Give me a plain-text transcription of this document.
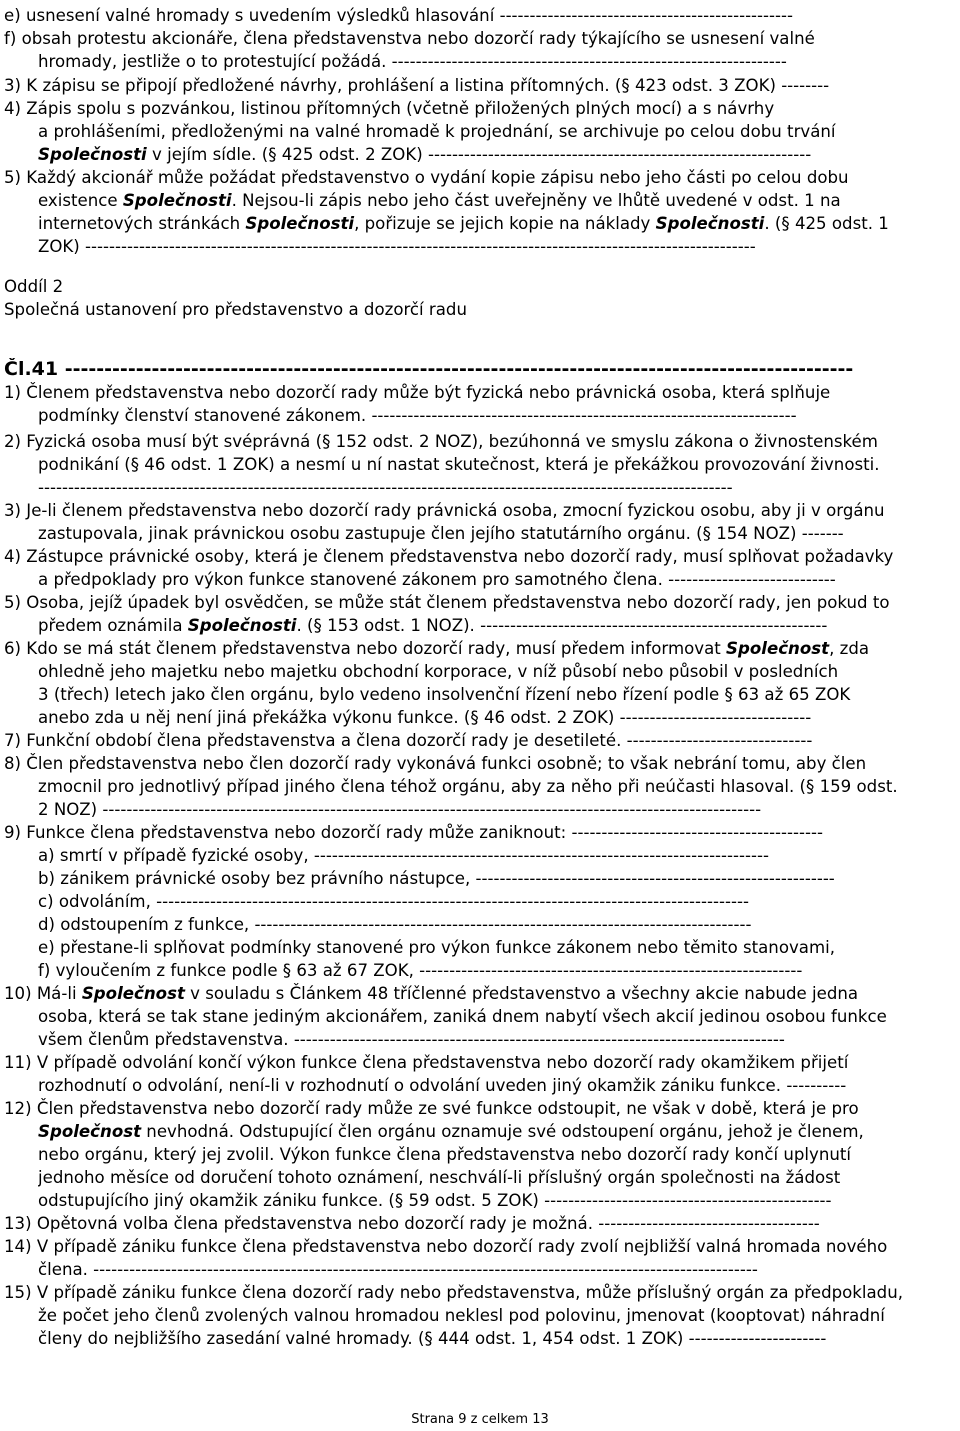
e) usnesení valné hromady s uvedením výsledků hlasování -------------------------------------------------
f) obsah protestu akcionáře, člena představenstva nebo dozorčí rady týkajícího se usnesení valné
hromady, jestliže o to protestující požádá. ------------------------------------------------------------------
3) K zápisu se připojí předložené návrhy, prohlášení a listina přítomných. (§ 423 odst. 3 ZOK) --------
4) Zápis spolu s pozvánkou, listinou přítomných (včetně přiložených plných mocí) a s návrhy
a prohlášeními, předloženými na valné hromadě k projednání, se archivuje po celou dobu trvání
Společnosti v jejím sídle. (§ 425 odst. 2 ZOK) ----------------------------------------------------------------
5) Každý akcionář může požádat představenstvo o vydání kopie zápisu nebo jeho části po celou dobu
existence Společnosti. Nejsou-li zápis nebo jeho část uveřejněny ve lhůtě uvedené v odst. 1 na
internetových stránkách Společnosti, pořizuje se jejich kopie na náklady Společnosti. (§ 425 odst. 1
ZOK) ----------------------------------------------------------------------------------------------------------------
Oddíl 2
Společná ustanovení pro představenstvo a dozorčí radu
Čl.41 ----------------------------------------------------------------------------------------------------
1) Členem představenstva nebo dozorčí rady může být fyzická nebo právnická osoba, která splňuje
podmínky členství stanovené zákonem. -----------------------------------------------------------------------
2) Fyzická osoba musí být svéprávná (§ 152 odst. 2 NOZ), bezúhonná ve smyslu zákona o živnostenském
podnikání (§ 46 odst. 1 ZOK) a nesmí u ní nastat skutečnost, která je překážkou provozování živnosti.
--------------------------------------------------------------------------------------------------------------------
3) Je-li členem představenstva nebo dozorčí rady právnická osoba, zmocní fyzickou osobu, aby ji v orgánu
zastupovala, jinak právnickou osobu zastupuje člen jejího statutárního orgánu. (§ 154 NOZ) -------
4) Zástupce právnické osoby, která je členem představenstva nebo dozorčí rady, musí splňovat požadavky
a předpoklady pro výkon funkce stanovené zákonem pro samotného člena. ----------------------------
5) Osoba, jejíž úpadek byl osvědčen, se může stát členem představenstva nebo dozorčí rady, jen pokud to
předem oznámila Společnosti. (§ 153 odst. 1 NOZ). ----------------------------------------------------------
6) Kdo se má stát členem představenstva nebo dozorčí rady, musí předem informovat Společnost, zda
ohledně jeho majetku nebo majetku obchodní korporace, v níž působí nebo působil v posledních
3 (třech) letech jako člen orgánu, bylo vedeno insolvenční řízení nebo řízení podle § 63 až 65 ZOK
anebo zda u něj není jiná překážka výkonu funkce. (§ 46 odst. 2 ZOK) --------------------------------
7) Funkční období člena představenstva a člena dozorčí rady je desetileté. -------------------------------
8) Člen představenstva nebo člen dozorčí rady vykonává funkci osobně; to však nebrání tomu, aby člen
zmocnil pro jednotlivý případ jiného člena téhož orgánu, aby za něho při neúčasti hlasoval. (§ 159 odst.
2 NOZ) --------------------------------------------------------------------------------------------------------------
9) Funkce člena představenstva nebo dozorčí rady může zaniknout: ------------------------------------------
a) smrtí v případě fyzické osoby, ----------------------------------------------------------------------------
b) zánikem právnické osoby bez právního nástupce, ------------------------------------------------------------
c) odvoláním, ---------------------------------------------------------------------------------------------------
d) odstoupením z funkce, -----------------------------------------------------------------------------------
e) přestane-li splňovat podmínky stanovené pro výkon funkce zákonem nebo těmito stanovami,
f) vyloučením z funkce podle § 63 až 67 ZOK, ----------------------------------------------------------------
10) Má-li Společnost v souladu s Článkem 48 tříčlenné představenstvo a všechny akcie nabude jedna
osoba, která se tak stane jediným akcionářem, zaniká dnem nabytí všech akcií jedinou osobou funkce
všem členům představenstva. ----------------------------------------------------------------------------------
11) V případě odvolání končí výkon funkce člena představenstva nebo dozorčí rady okamžikem přijetí
rozhodnutí o odvolání, není-li v rozhodnutí o odvolání uveden jiný okamžik zániku funkce. ----------
12) Člen představenstva nebo dozorčí rady může ze své funkce odstoupit, ne však v době, která je pro
Společnost nevhodná. Odstupující člen orgánu oznamuje své odstoupení orgánu, jehož je členem,
nebo orgánu, který jej zvolil. Výkon funkce člena představenstva nebo dozorčí rady končí uplynutí
jednoho měsíce od doručení tohoto oznámení, neschválí-li příslušný orgán společnosti na žádost
odstupujícího jiný okamžik zániku funkce. (§ 59 odst. 5 ZOK) ------------------------------------------------
13) Opětovná volba člena představenstva nebo dozorčí rady je možná. -------------------------------------
14) V případě zániku funkce člena představenstva nebo dozorčí rady zvolí nejbližší valná hromada nového
člena. ---------------------------------------------------------------------------------------------------------------
15) V případě zániku funkce člena dozorčí rady nebo představenstva, může příslušný orgán za předpokladu,
že počet jeho členů zvolených valnou hromadou neklesl pod polovinu, jmenovat (kooptovat) náhradní
členy do nejbližšího zasedání valné hromady. (§ 444 odst. 1, 454 odst. 1 ZOK) -----------------------
Strana 9 z celkem 13
